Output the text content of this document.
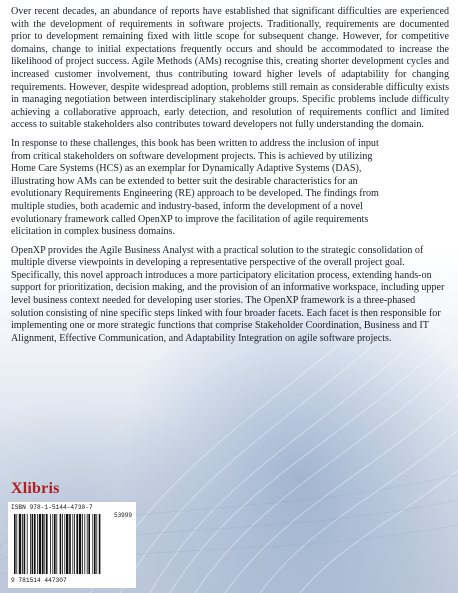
Over recent decades, an abundance of reports have established that significant difficulties are experienced with the development of requirements in software projects. Traditionally, requirements are documented prior to development remaining fixed with little scope for subsequent change. However, for competitive domains, change to initial expectations frequently occurs and should be accommodated to increase the likelihood of project success. Agile Methods (AMs) recognise this, creating shorter development cycles and increased customer involvement, thus contributing toward higher levels of adaptability for changing requirements. However, despite widespread adoption, problems still remain as considerable difficulty exists in managing negotiation between interdisciplinary stakeholder groups. Specific problems include difficulty achieving a collaborative approach, early detection, and resolution of requirements conflict and limited access to suitable stakeholders also contributes toward developers not fully understanding the domain.

In response to these challenges, this book has been written to address the inclusion of input from critical stakeholders on software development projects. This is achieved by utilizing Home Care Systems (HCS) as an exemplar for Dynamically Adaptive Systems (DAS), illustrating how AMs can be extended to better suit the desirable characteristics for an evolutionary Requirements Engineering (RE) approach to be developed. The findings from multiple studies, both academic and industry-based, inform the development of a novel evolutionary framework called OpenXP to improve the facilitation of agile requirements elicitation in complex business domains.

OpenXP provides the Agile Business Analyst with a practical solution to the strategic consolidation of multiple diverse viewpoints in developing a representative perspective of the overall project goal. Specifically, this novel approach introduces a more participatory elicitation process, extending hands-on support for prioritization, decision making, and the provision of an informative workspace, including upper level business context needed for developing user stories. The OpenXP framework is a three-phased solution consisting of nine specific steps linked with four broader facets. Each facet is then responsible for implementing one or more strategic functions that comprise Stakeholder Coordination, Business and IT Alignment, Effective Communication, and Adaptability Integration on agile software projects.

Xlibris
ISBN 978-1-5144-4730-7
53999
9 781514 447307
